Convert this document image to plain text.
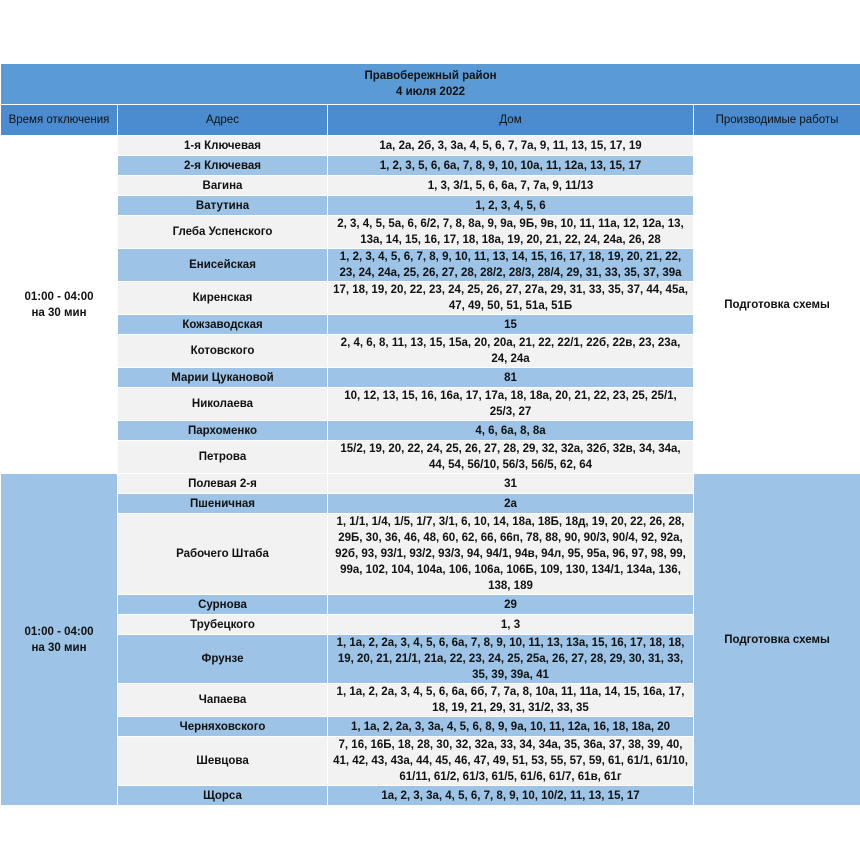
Правобережный район
4 июля 2022			

Время отключения	Адрес	Дом	Производимые работы

01:00 - 04:00
на 30 мин	1-я Ключевая	1а, 2а, 2б, 3, 3а, 4, 5, 6, 7, 7а, 9, 11, 13, 15, 17, 19	Подготовка схемы
	2-я Ключевая	1, 2, 3, 5, 6, 6а, 7, 8, 9, 10, 10а, 11, 12а, 13, 15, 17	
	Вагина	1, 3, 3/1, 5, 6, 6а, 7, 7а, 9, 11/13	
	Ватутина	1, 2, 3, 4, 5, 6	
	Глеба Успенского	2, 3, 4, 5, 5а, 6, 6/2, 7, 8, 8а, 9, 9а, 9Б, 9в, 10, 11, 11а, 12, 12а, 13, 13а, 14, 15, 16, 17, 18, 18а, 19, 20, 21, 22, 24, 24а, 26, 28	
	Енисейская	1, 2, 3, 4, 5, 6, 7, 8, 9, 10, 11, 13, 14, 15, 16, 17, 18, 19, 20, 21, 22, 23, 24, 24а, 25, 26, 27, 28, 28/2, 28/3, 28/4, 29, 31, 33, 35, 37, 39а	
	Киренская	17, 18, 19, 20, 22, 23, 24, 25, 26, 27, 27а, 29, 31, 33, 35, 37, 44, 45а, 47, 49, 50, 51, 51а, 51Б	
	Кожзаводская	15	
	Котовского	2, 4, 6, 8, 11, 13, 15, 15а, 20, 20а, 21, 22, 22/1, 22б, 22в, 23, 23а, 24, 24а	
	Марии Цукановой	81	
	Николаева	10, 12, 13, 15, 16, 16а, 17, 17а, 18, 18а, 20, 21, 22, 23, 25, 25/1, 25/3, 27	
	Пархоменко	4, 6, 6а, 8, 8а	
	Петрова	15/2, 19, 20, 22, 24, 25, 26, 27, 28, 29, 32, 32а, 32б, 32в, 34, 34а, 44, 54, 56/10, 56/3, 56/5, 62, 64	

01:00 - 04:00
на 30 мин	Полевая 2-я	31	Подготовка схемы
	Пшеничная	2а	
	Рабочего Штаба	1, 1/1, 1/4, 1/5, 1/7, 3/1, 6, 10, 14, 18а, 18Б, 18д, 19, 20, 22, 26, 28, 29Б, 30, 36, 46, 48, 60, 62, 66, 66п, 78, 88, 90, 90/3, 90/4, 92, 92а, 92б, 93, 93/1, 93/2, 93/3, 94, 94/1, 94в, 94л, 95, 95а, 96, 97, 98, 99, 99а, 102, 104, 104а, 106, 106а, 106Б, 109, 130, 134/1, 134а, 136, 138, 189	
	Сурнова	29	
	Трубецкого	1, 3	
	Фрунзе	1, 1а, 2, 2а, 3, 4, 5, 6, 6а, 7, 8, 9, 10, 11, 13, 13а, 15, 16, 17, 18, 18, 19, 20, 21, 21/1, 21а, 22, 23, 24, 25, 25а, 26, 27, 28, 29, 30, 31, 33, 35, 39, 39а, 41	
	Чапаева	1, 1а, 2, 2а, 3, 4, 5, 6, 6а, 6б, 7, 7а, 8, 10а, 11, 11а, 14, 15, 16а, 17, 18, 19, 21, 29, 31, 31/2, 33, 35	
	Черняховского	1, 1а, 2, 2а, 3, 3а, 4, 5, 6, 8, 9, 9а, 10, 11, 12а, 16, 18, 18а, 20	
	Шевцова	7, 16, 16Б, 18, 28, 30, 32, 32а, 33, 34, 34а, 35, 36а, 37, 38, 39, 40, 41, 42, 43, 43а, 44, 45, 46, 47, 49, 51, 53, 55, 57, 59, 61, 61/1, 61/10, 61/11, 61/2, 61/3, 61/5, 61/6, 61/7, 61в, 61г	
	Щорса	1а, 2, 3, 3а, 4, 5, 6, 7, 8, 9, 10, 10/2, 11, 13, 15, 17	
